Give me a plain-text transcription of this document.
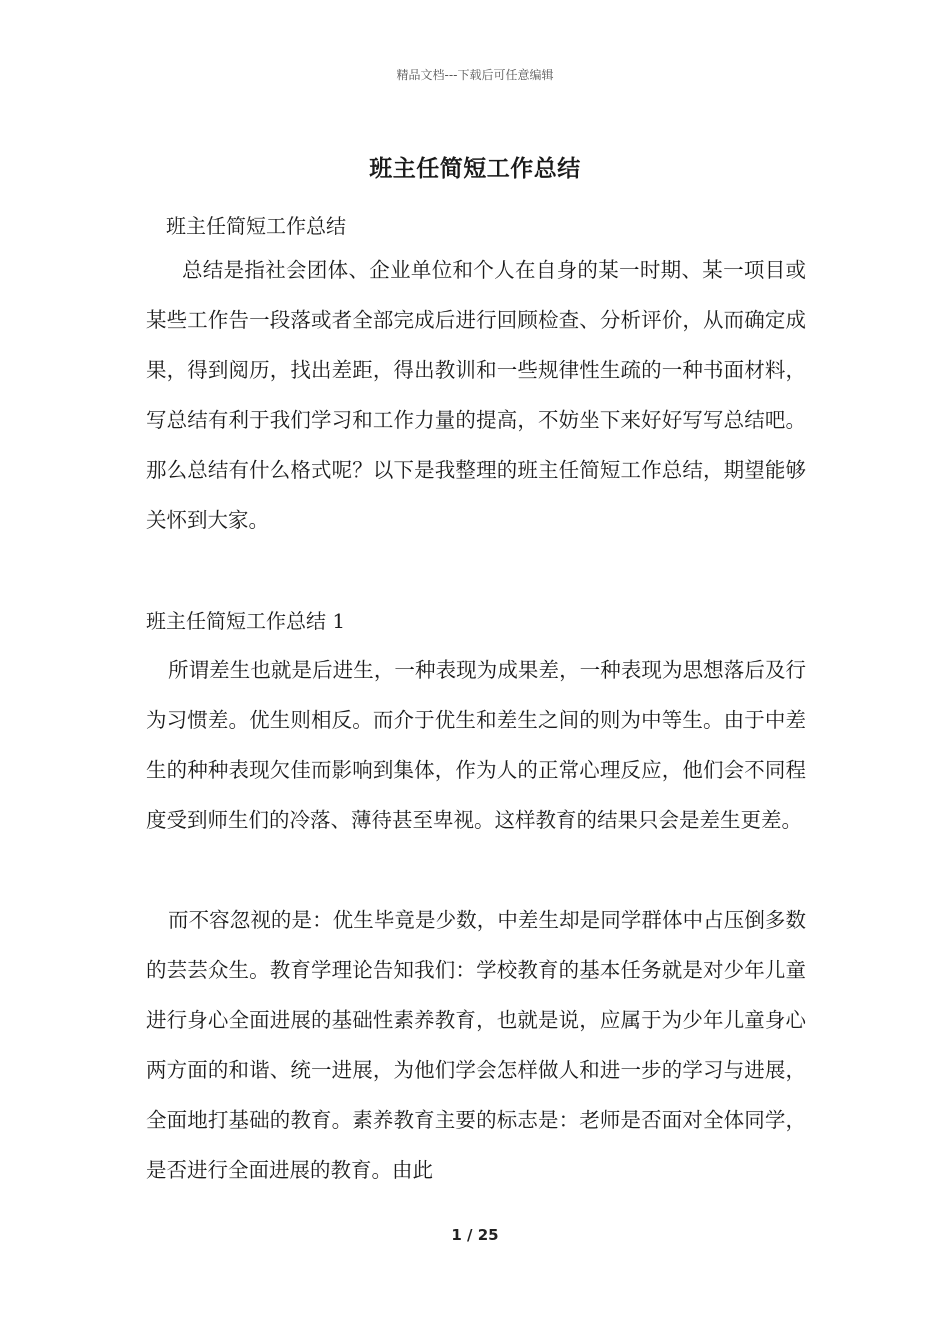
精品文档---下载后可任意编辑
班主任简短工作总结

班主任简短工作总结

总结是指社会团体、企业单位和个人在自身的某一时期、某一项目或某些工作告一段落或者全部完成后进行回顾检查、分析评价，从而确定成果，得到阅历，找出差距，得出教训和一些规律性生疏的一种书面材料，写总结有利于我们学习和工作力量的提高，不妨坐下来好好写写总结吧。那么总结有什么格式呢？以下是我整理的班主任简短工作总结，期望能够关怀到大家。

班主任简短工作总结 1

所谓差生也就是后进生，一种表现为成果差，一种表现为思想落后及行为习惯差。优生则相反。而介于优生和差生之间的则为中等生。由于中差生的种种表现欠佳而影响到集体，作为人的正常心理反应，他们会不同程度受到师生们的冷落、薄待甚至卑视。这样教育的结果只会是差生更差。

而不容忽视的是：优生毕竟是少数，中差生却是同学群体中占压倒多数的芸芸众生。教育学理论告知我们：学校教育的基本任务就是对少年儿童进行身心全面进展的基础性素养教育，也就是说，应属于为少年儿童身心两方面的和谐、统一进展，为他们学会怎样做人和进一步的学习与进展，全面地打基础的教育。素养教育主要的标志是：老师是否面对全体同学，是否进行全面进展的教育。由此

1 / 25
